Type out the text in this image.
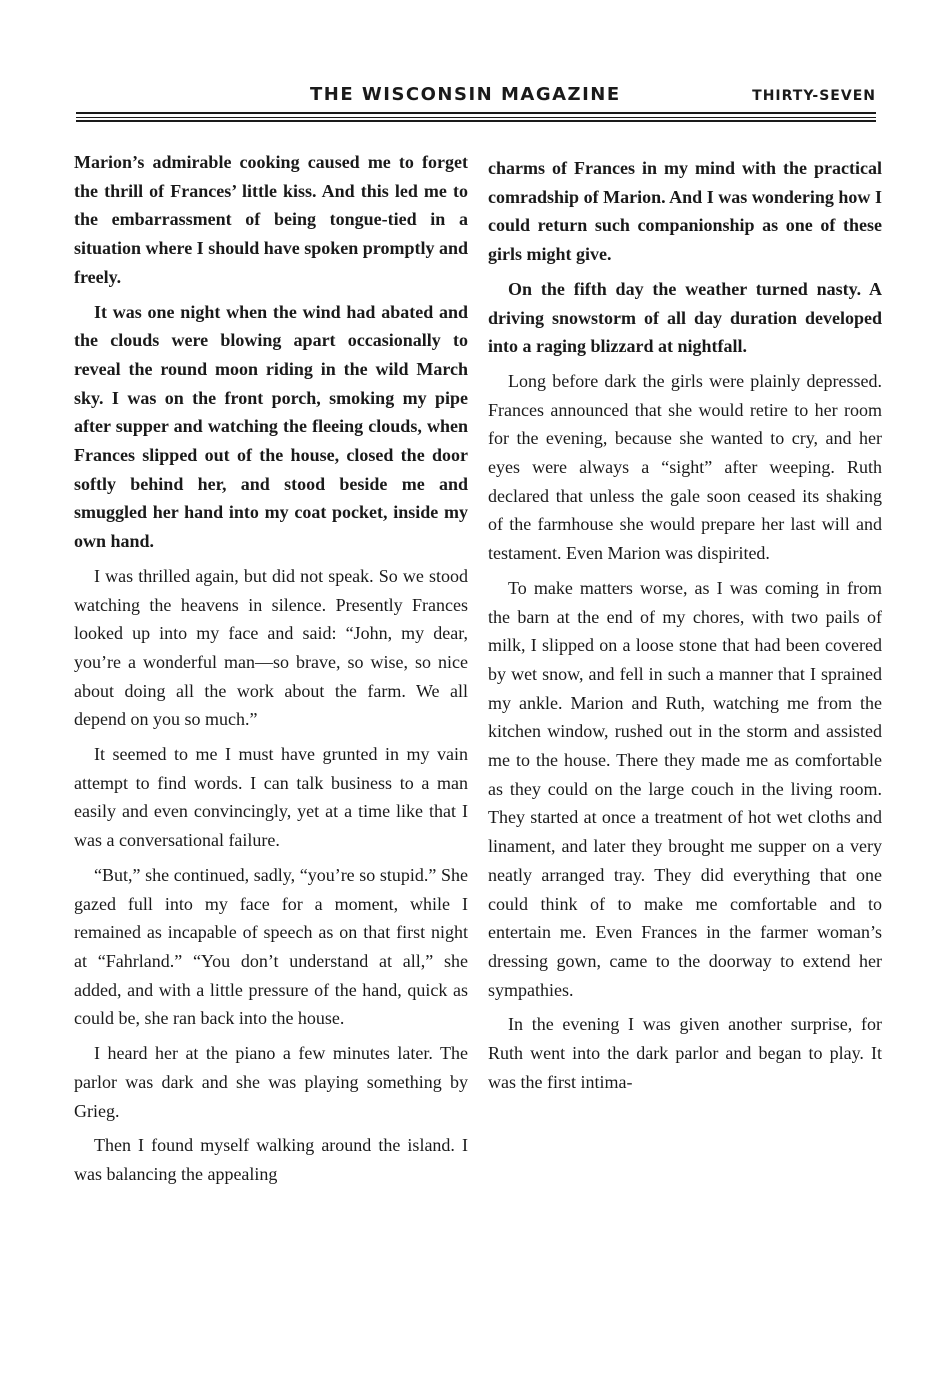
THE WISCONSIN MAGAZINE	THIRTY-SEVEN

Marion’s admirable cooking caused me to forget the thrill of Frances’ little kiss. And this led me to the embarrassment of being tongue-tied in a situation where I should have spoken promptly and freely.

It was one night when the wind had abated and the clouds were blowing apart occasionally to reveal the round moon riding in the wild March sky. I was on the front porch, smoking my pipe after supper and watching the fleeing clouds, when Frances slipped out of the house, closed the door softly behind her, and stood beside me and smuggled her hand into my coat pocket, inside my own hand.

I was thrilled again, but did not speak. So we stood watching the heavens in silence. Presently Frances looked up into my face and said: “John, my dear, you’re a wonderful man—so brave, so wise, so nice about doing all the work about the farm. We all depend on you so much.”

It seemed to me I must have grunted in my vain attempt to find words. I can talk business to a man easily and even convincingly, yet at a time like that I was a conversational failure.

“But,” she continued, sadly, “you’re so stupid.” She gazed full into my face for a moment, while I remained as incapable of speech as on that first night at “Fahrland.” “You don’t understand at all,” she added, and with a little pressure of the hand, quick as could be, she ran back into the house.

I heard her at the piano a few minutes later. The parlor was dark and she was playing something by Grieg.

Then I found myself walking around the island. I was balancing the appealing

charms of Frances in my mind with the practical comradship of Marion. And I was wondering how I could return such companionship as one of these girls might give.

On the fifth day the weather turned nasty. A driving snowstorm of all day duration developed into a raging blizzard at nightfall.

Long before dark the girls were plainly depressed. Frances announced that she would retire to her room for the evening, because she wanted to cry, and her eyes were always a “sight” after weeping. Ruth declared that unless the gale soon ceased its shaking of the farmhouse she would prepare her last will and testament. Even Marion was dispirited.

To make matters worse, as I was coming in from the barn at the end of my chores, with two pails of milk, I slipped on a loose stone that had been covered by wet snow, and fell in such a manner that I sprained my ankle. Marion and Ruth, watching me from the kitchen window, rushed out in the storm and assisted me to the house. There they made me as comfortable as they could on the large couch in the living room. They started at once a treatment of hot wet cloths and linament, and later they brought me supper on a very neatly arranged tray. They did everything that one could think of to make me comfortable and to entertain me. Even Frances in the farmer woman’s dressing gown, came to the doorway to extend her sympathies.

In the evening I was given another surprise, for Ruth went into the dark parlor and began to play. It was the first intima-
